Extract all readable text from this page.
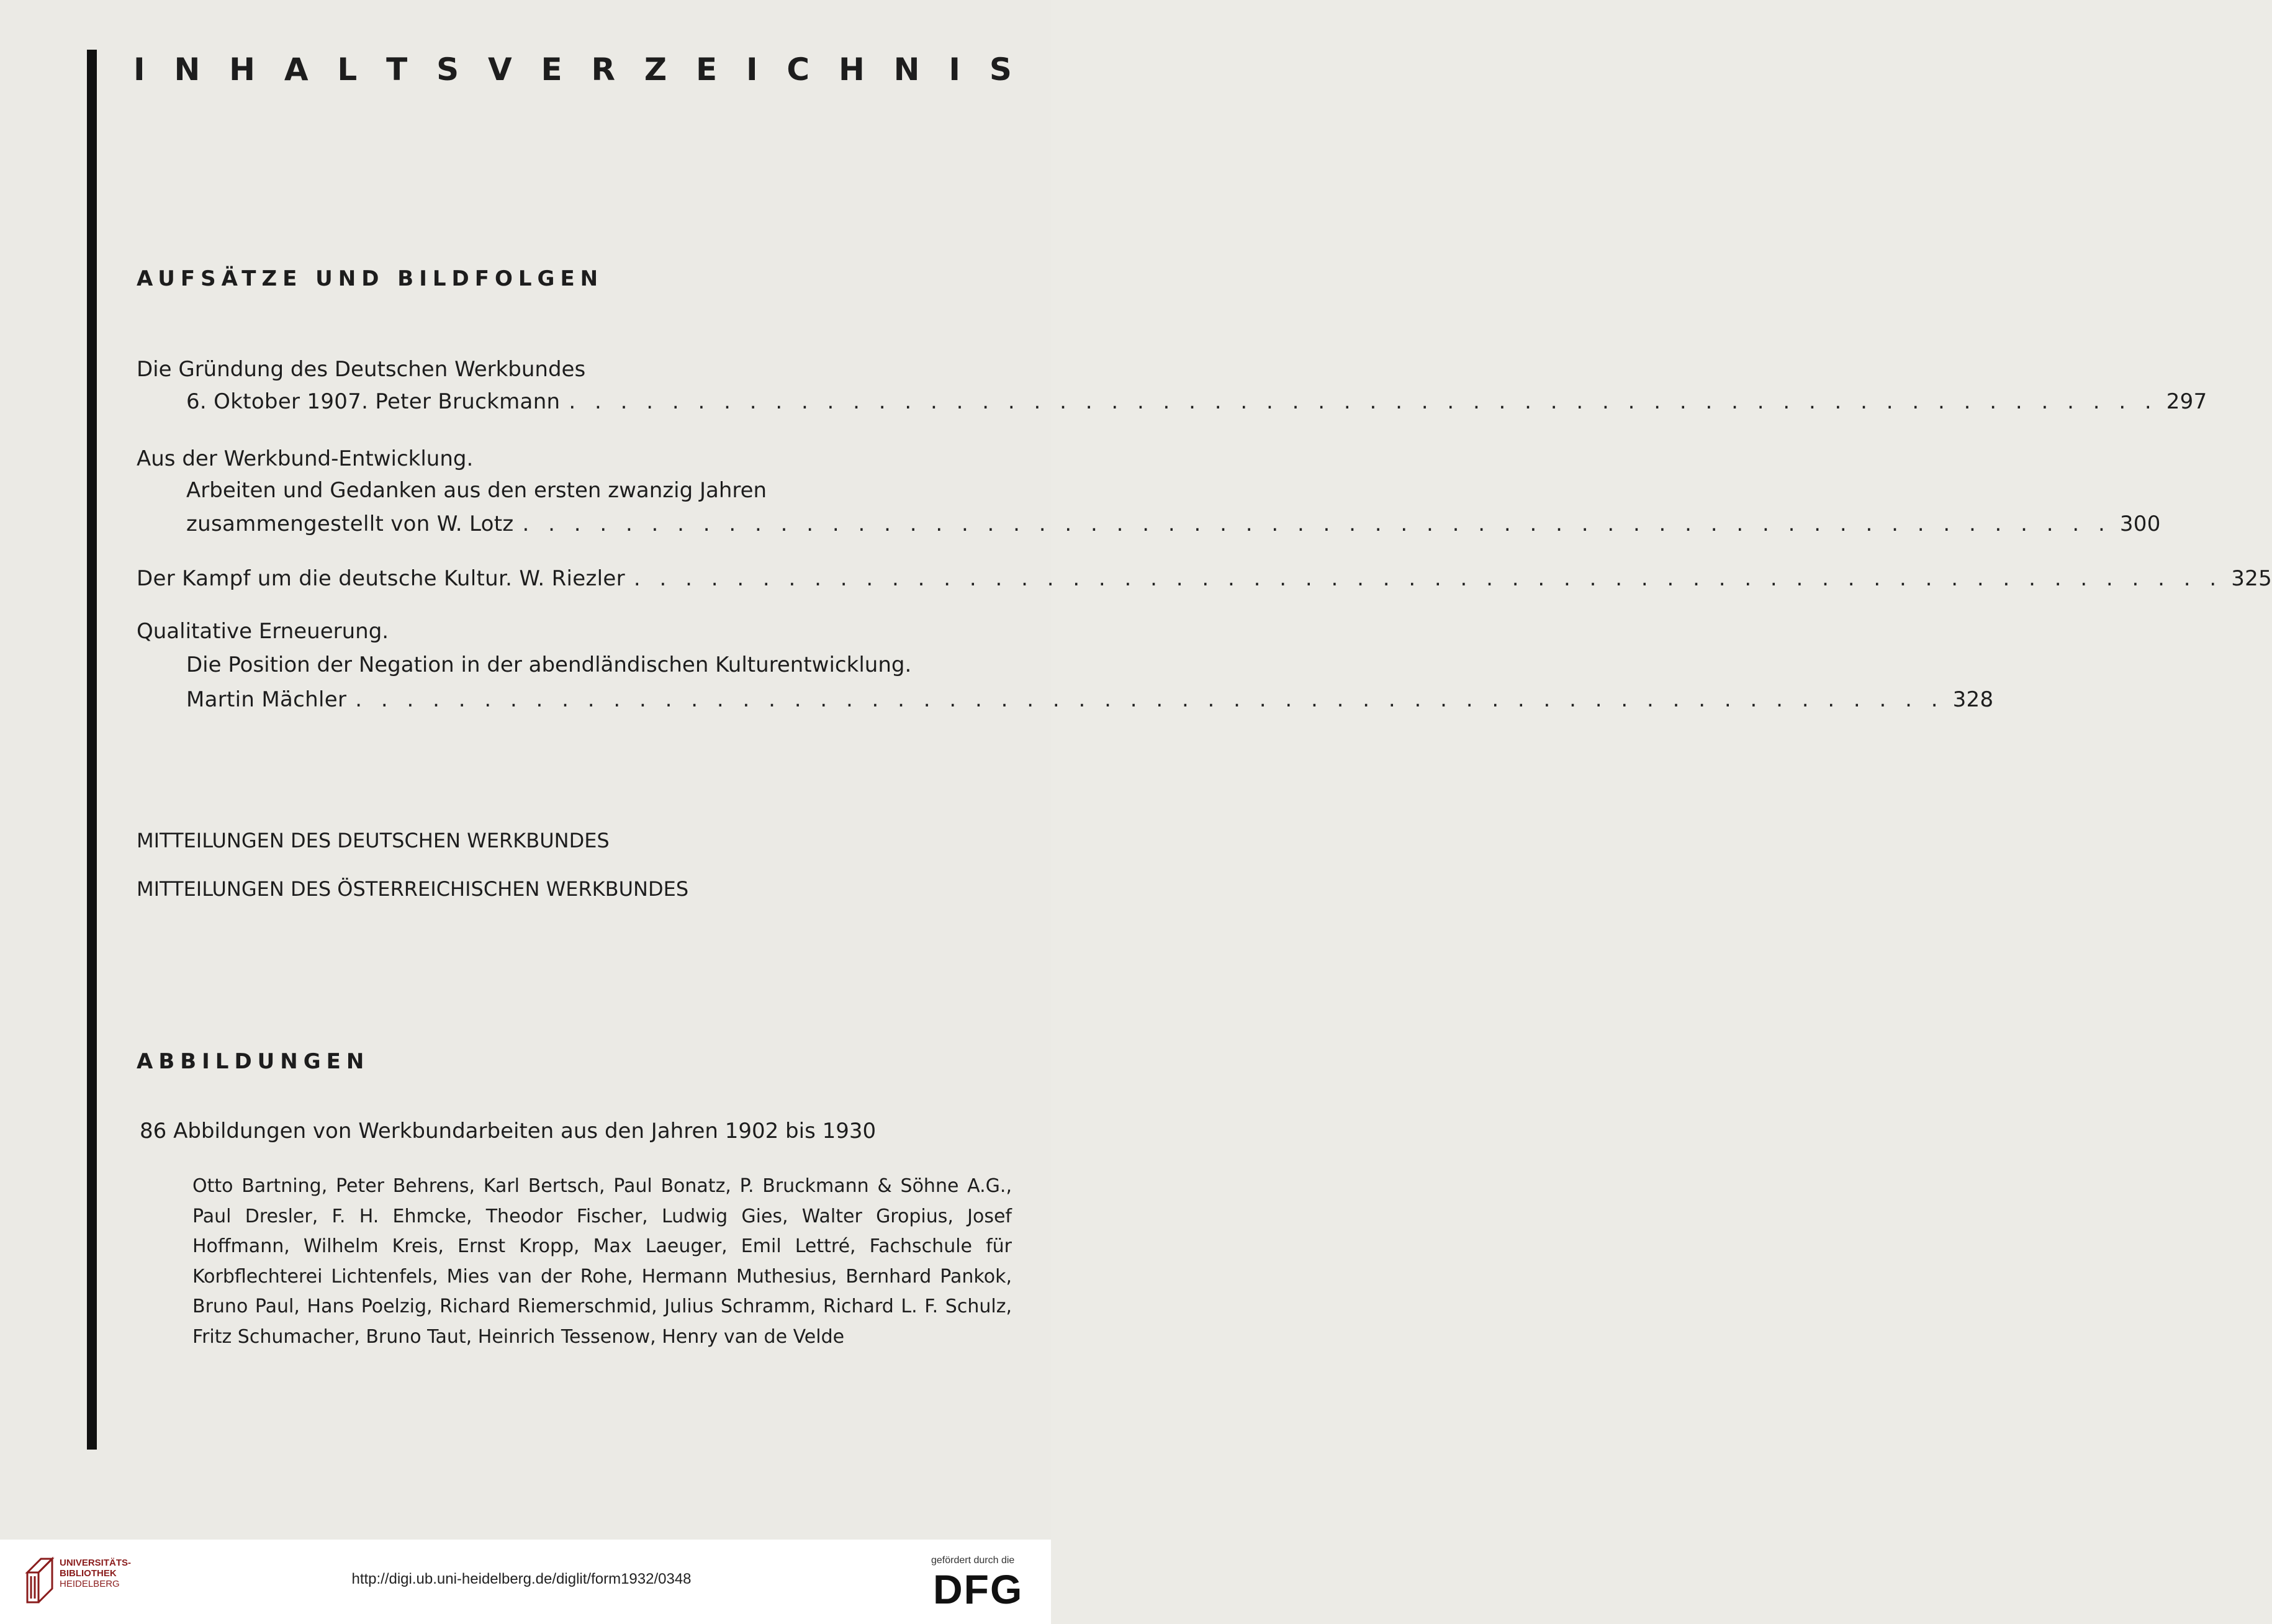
I N H A L T S V E R Z E I C H N I S
AUFSÄTZE UND BILDFOLGEN
Die Gründung des Deutschen Werkbundes
6. Oktober 1907. Peter Bruckmann . . . . . . . . . . . . . . . . . . . . . . . . . . . . . . . . . . . . . . . . . . . . . . . . . . . . . . . . . . . . . . 297
Aus der Werkbund-Entwicklung.
Arbeiten und Gedanken aus den ersten zwanzig Jahren
zusammengestellt von W. Lotz . . . . . . . . . . . . . . . . . . . . . . . . . . . . . . . . . . . . . . . . . . . . . . . . . . . . . . . . . . . . . . 300
Der Kampf um die deutsche Kultur. W. Riezler . . . . . . . . . . . . . . . . . . . . . . . . . . . . . . . . . . . . . . . . . . . . . . . . . . . . . . . . . . . . . . 325
Qualitative Erneuerung.
Die Position der Negation in der abendländischen Kulturentwicklung.
Martin Mächler . . . . . . . . . . . . . . . . . . . . . . . . . . . . . . . . . . . . . . . . . . . . . . . . . . . . . . . . . . . . . . 328
MITTEILUNGEN DES DEUTSCHEN WERKBUNDES
MITTEILUNGEN DES ÖSTERREICHISCHEN WERKBUNDES
ABBILDUNGEN
86 Abbildungen von Werkbundarbeiten aus den Jahren 1902 bis 1930
Otto Bartning, Peter Behrens, Karl Bertsch, Paul Bonatz, P. Bruckmann & Söhne A.G., Paul Dresler, F. H. Ehmcke, Theodor Fischer, Ludwig Gies, Walter Gropius, Josef Hoffmann, Wilhelm Kreis, Ernst Kropp, Max Laeuger, Emil Lettré, Fachschule für Korbflechterei Lichtenfels, Mies van der Rohe, Hermann Muthesius, Bernhard Pankok, Bruno Paul, Hans Poelzig, Richard Riemerschmid, Julius Schramm, Richard L. F. Schulz, Fritz Schumacher, Bruno Taut, Heinrich Tessenow, Henry van de Velde
UNIVERSITÄTS-
BIBLIOTHEK
HEIDELBERG	http://digi.ub.uni-heidelberg.de/diglit/form1932/0348
gefördert durch die
DFG
